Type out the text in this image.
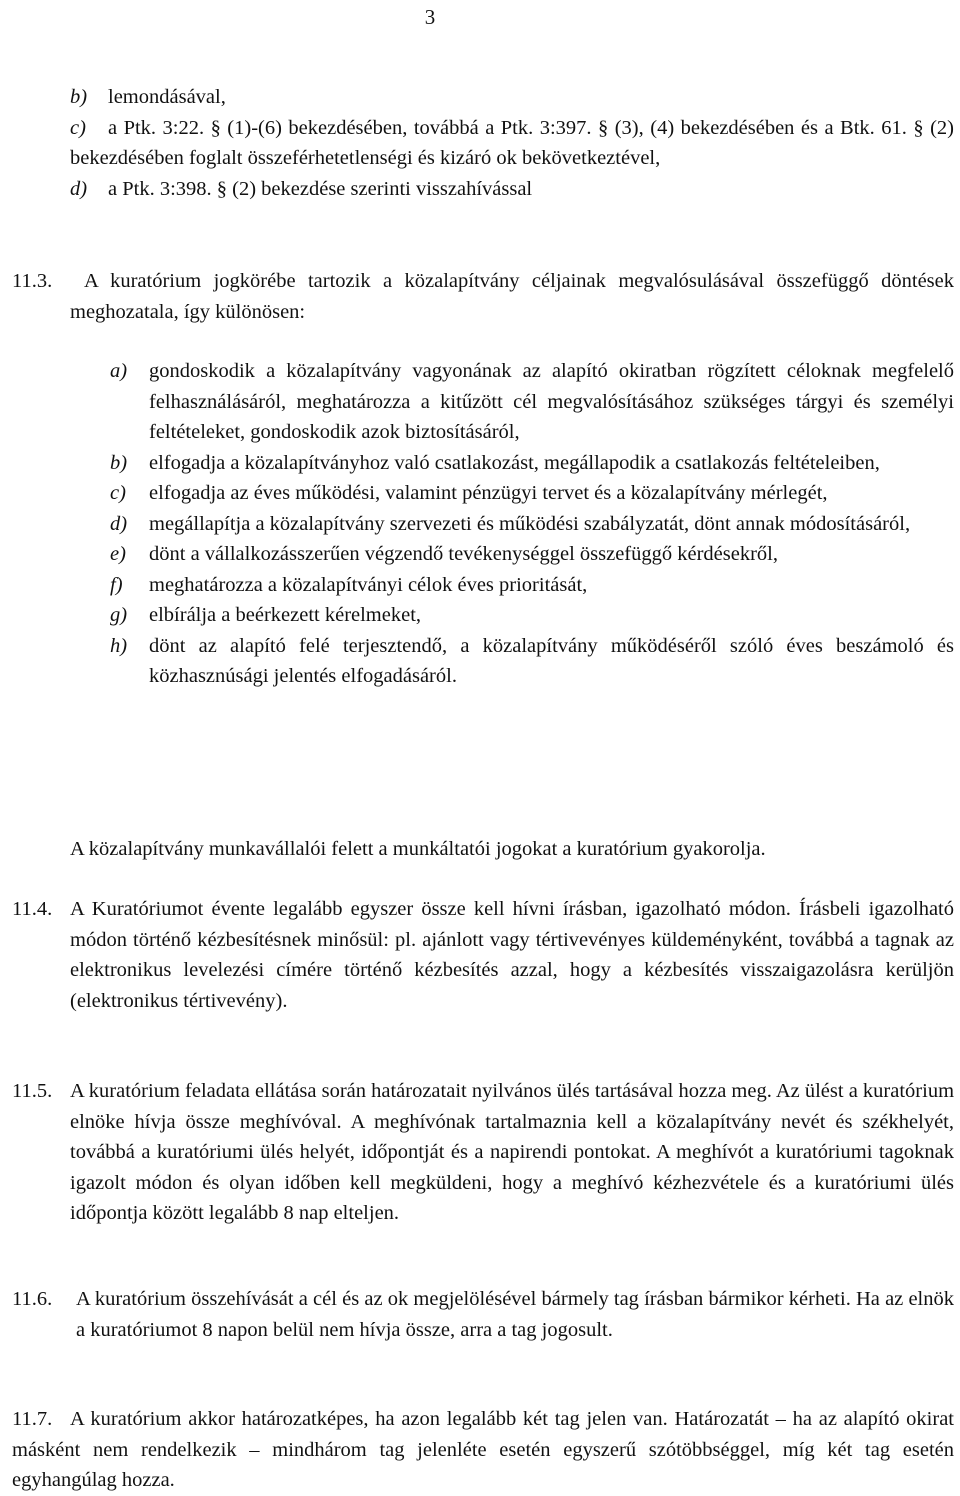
3
b) lemondásával,

c)	a Ptk. 3:22. § (1)-(6) bekezdésében, továbbá a Ptk. 3:397. § (3), (4) bekezdésében és a Btk. 61. § (2) bekezdésében foglalt összeférhetetlenségi és kizáró ok bekövetkeztével,

d) a Ptk. 3:398. § (2) bekezdése szerinti visszahívással

11.3.	A kuratórium jogkörébe tartozik a közalapítvány céljainak megvalósulásával összefüggő döntések meghozatala, így különösen:

a) gondoskodik a közalapítvány vagyonának az alapító okiratban rögzített céloknak megfelelő felhasználásáról, meghatározza a kitűzött cél megvalósításához szükséges tárgyi és személyi feltételeket, gondoskodik azok biztosításáról,

b) elfogadja a közalapítványhoz való csatlakozást, megállapodik a csatlakozás feltételeiben,

c) elfogadja az éves működési, valamint pénzügyi tervet és a közalapítvány mérlegét,

d) megállapítja a közalapítvány szervezeti és működési szabályzatát, dönt annak módosításáról,

e) dönt a vállalkozásszerűen végzendő tevékenységgel összefüggő kérdésekről,

f) meghatározza a közalapítványi célok éves prioritását,

g) elbírálja a beérkezett kérelmeket,

h) dönt az alapító felé terjesztendő, a közalapítvány működéséről szóló éves beszámoló és közhasznúsági jelentés elfogadásáról.

A közalapítvány munkavállalói felett a munkáltatói jogokat a kuratórium gyakorolja.

11.4. A Kuratóriumot évente legalább egyszer össze kell hívni írásban, igazolható módon. Írásbeli igazolható módon történő kézbesítésnek minősül: pl. ajánlott vagy tértivevényes küldeményként, továbbá a tagnak az elektronikus levelezési címére történő kézbesítés azzal, hogy a kézbesítés visszaigazolásra kerüljön (elektronikus tértivevény).

11.5. A kuratórium feladata ellátása során határozatait nyilvános ülés tartásával hozza meg. Az ülést a kuratórium elnöke hívja össze meghívóval. A meghívónak tartalmaznia kell a közalapítvány nevét és székhelyét, továbbá a kuratóriumi ülés helyét, időpontját és a napirendi pontokat. A meghívót a kuratóriumi tagoknak igazolt módon és olyan időben kell megküldeni, hogy a meghívó kézhezvétele és a kuratóriumi ülés időpontja között legalább 8 nap elteljen.

11.6.	A kuratórium összehívását a cél és az ok megjelölésével bármely tag írásban bármikor kérheti. Ha az elnök a kuratóriumot 8 napon belül nem hívja össze, arra a tag jogosult.

11.7. A kuratórium akkor határozatképes, ha azon legalább két tag jelen van. Határozatát – ha az alapító okirat másként nem rendelkezik – mindhárom tag jelenléte esetén egyszerű szótöbbséggel, míg két tag esetén egyhangúlag hozza.
